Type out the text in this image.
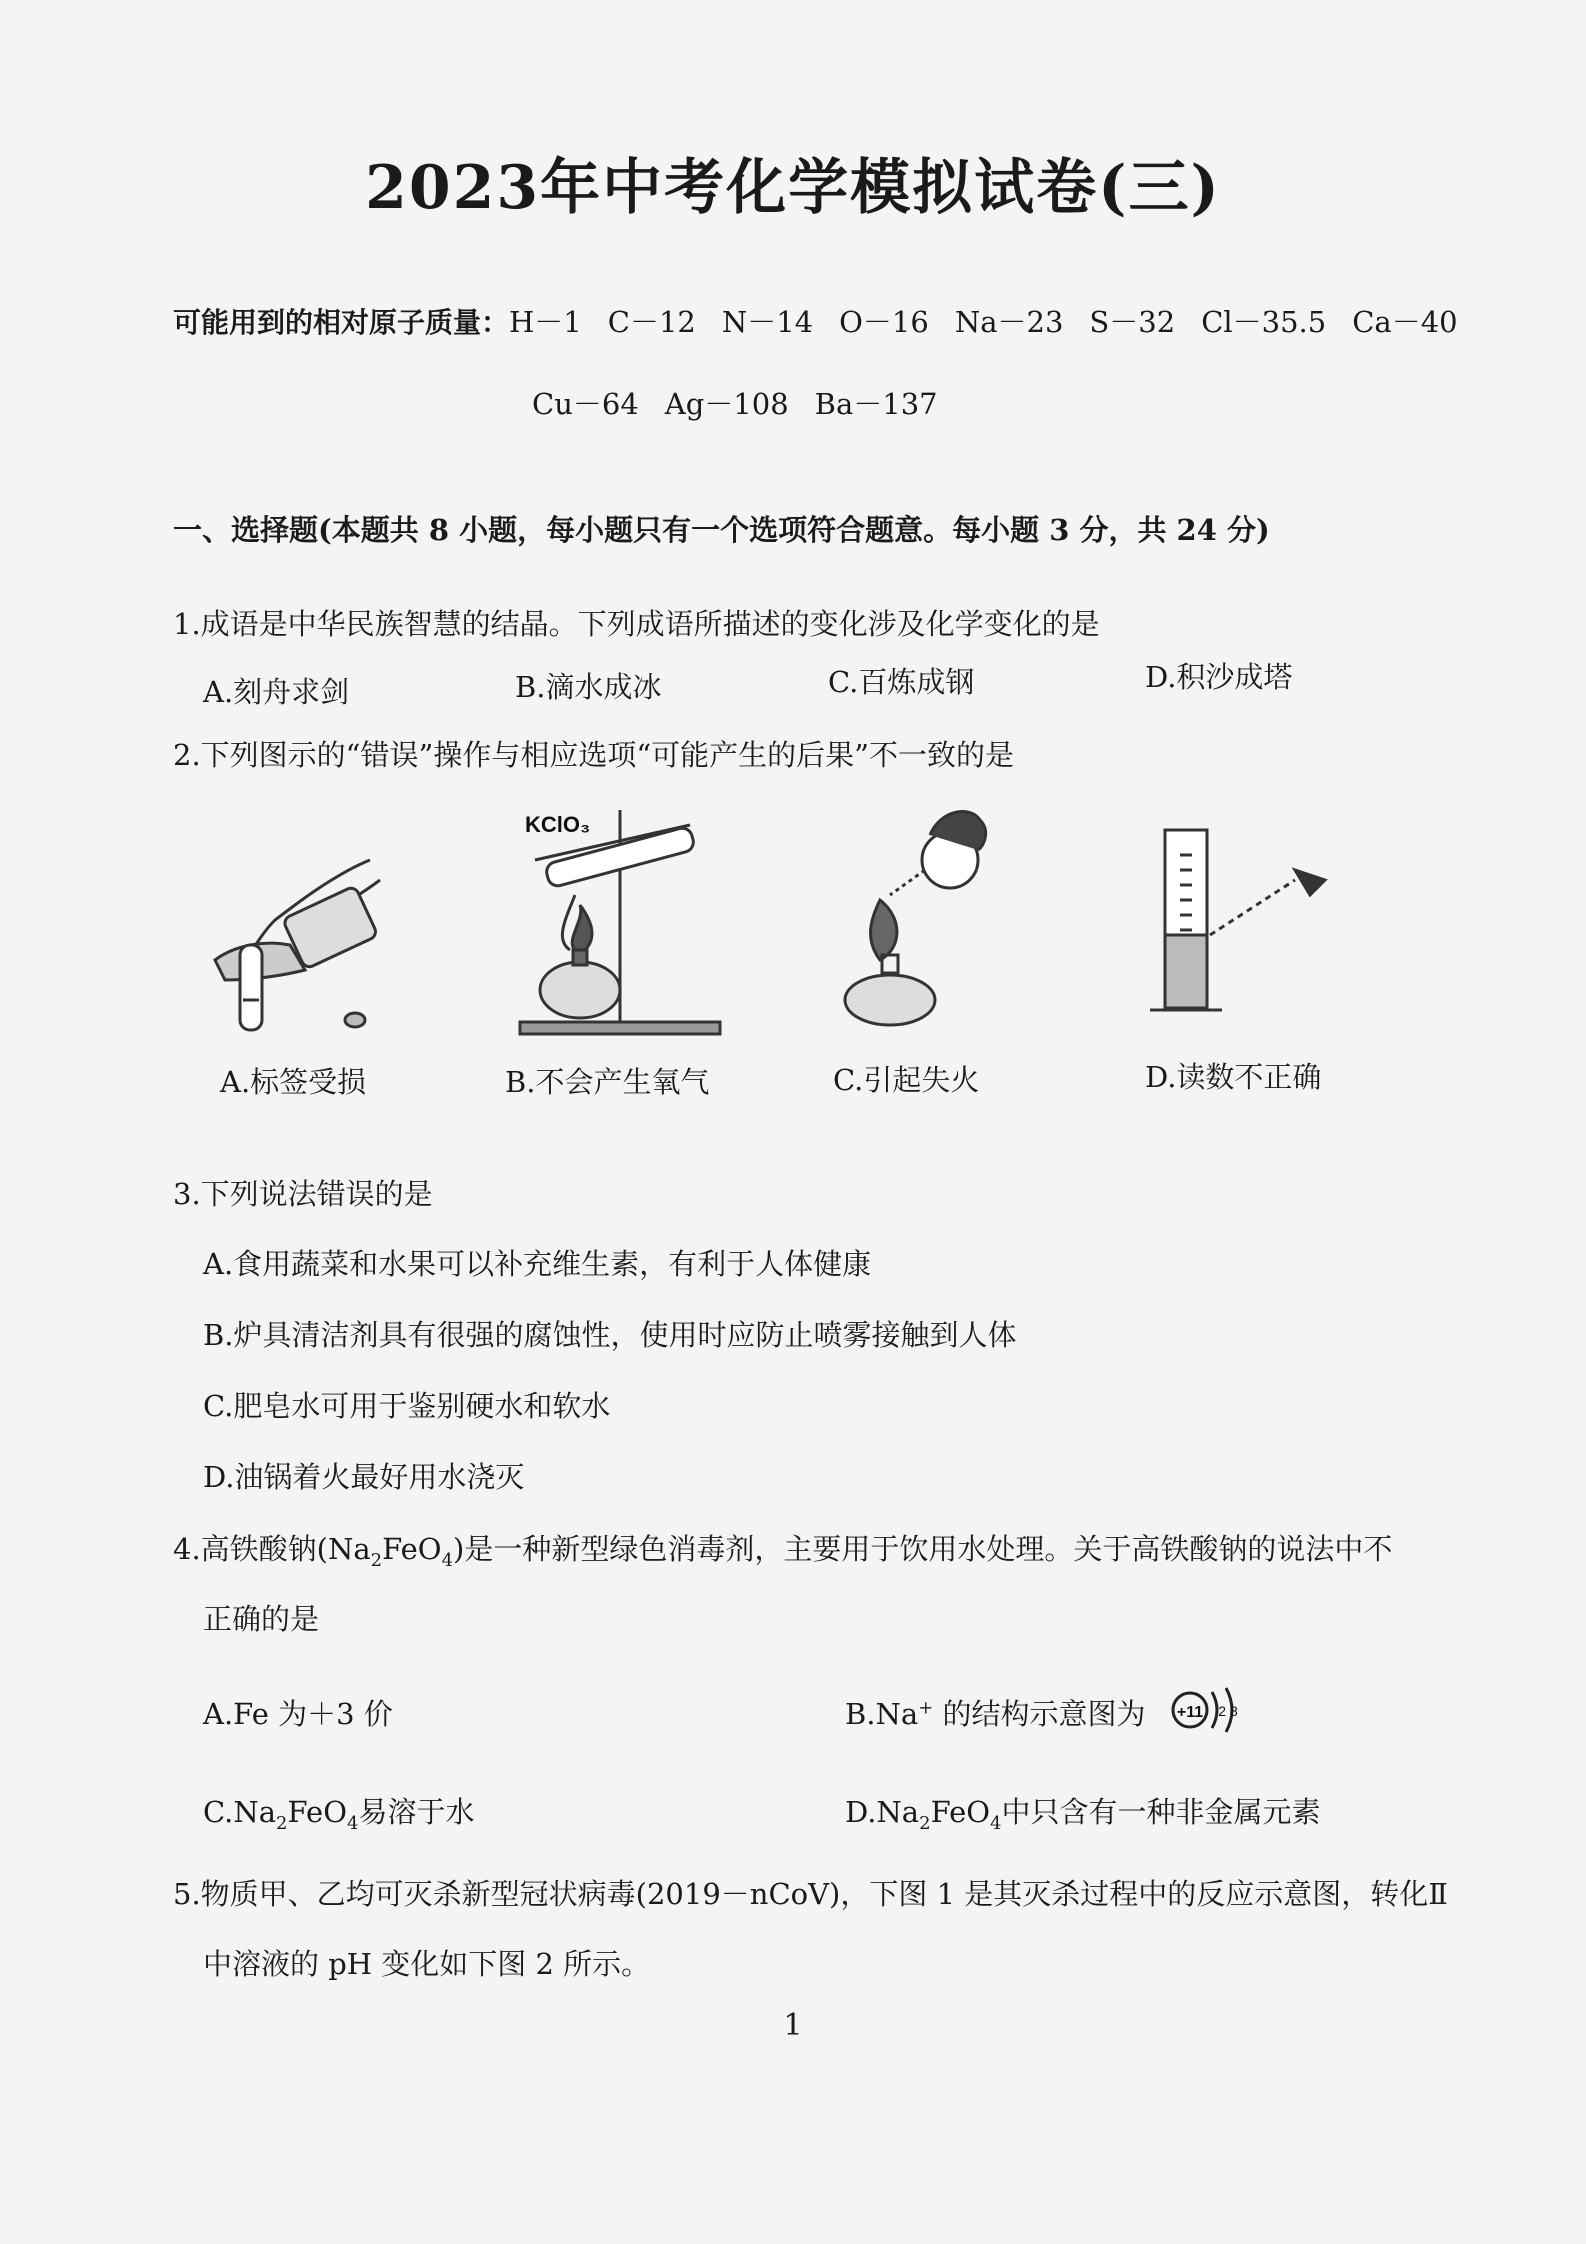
2023年中考化学模拟试卷(三)
可能用到的相对原子质量：H－1 C－12 N－14 O－16 Na－23 S－32 Cl－35.5 Ca－40
Cu－64 Ag－108 Ba－137
一、选择题(本题共 8 小题，每小题只有一个选项符合题意。每小题 3 分，共 24 分)
1.成语是中华民族智慧的结晶。下列成语所描述的变化涉及化学变化的是
A.刻舟求剑	B.滴水成冰	C.百炼成钢	D.积沙成塔
2.下列图示的“错误”操作与相应选项“可能产生的后果”不一致的是
KClO₃
A.标签受损	B.不会产生氧气	C.引起失火	D.读数不正确
3.下列说法错误的是
A.食用蔬菜和水果可以补充维生素，有利于人体健康
B.炉具清洁剂具有很强的腐蚀性，使用时应防止喷雾接触到人体
C.肥皂水可用于鉴别硬水和软水
D.油锅着火最好用水浇灭
4.高铁酸钠$(Na_2FeO_4)$是一种新型绿色消毒剂，主要用于饮用水处理。关于高铁酸钠的说法中不
正确的是
A.Fe 为＋3 价	B.Na+ 的结构示意图为 +11 2 8
$C.Na_2FeO_4$易溶于水	$D.Na_2FeO_4$中只含有一种非金属元素
5.物质甲、乙均可灭杀新型冠状病毒(2019－nCoV)，下图 1 是其灭杀过程中的反应示意图，转化Ⅱ
中溶液的 pH 变化如下图 2 所示。
1
